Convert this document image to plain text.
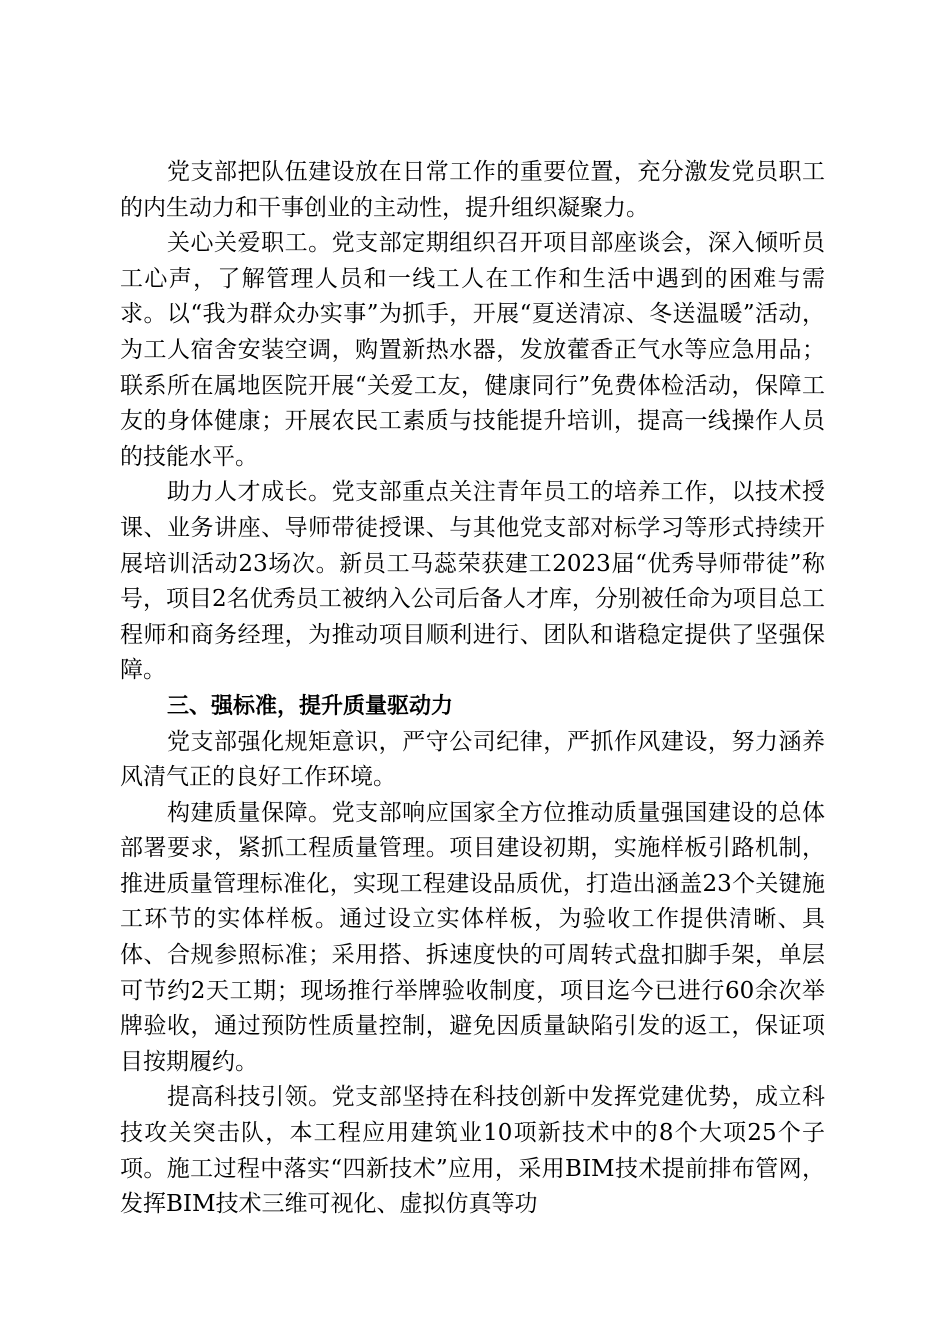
党支部把队伍建设放在日常工作的重要位置，充分激发党员职工的内生动力和干事创业的主动性，提升组织凝聚力。

关心关爱职工。党支部定期组织召开项目部座谈会，深入倾听员工心声，了解管理人员和一线工人在工作和生活中遇到的困难与需求。以“我为群众办实事”为抓手，开展“夏送清凉、冬送温暖”活动，为工人宿舍安装空调，购置新热水器，发放藿香正气水等应急用品；联系所在属地医院开展“关爱工友，健康同行”免费体检活动，保障工友的身体健康；开展农民工素质与技能提升培训，提高一线操作人员的技能水平。

助力人才成长。党支部重点关注青年员工的培养工作，以技术授课、业务讲座、导师带徒授课、与其他党支部对标学习等形式持续开展培训活动23场次。新员工马蕊荣获建工2023届“优秀导师带徒”称号，项目2名优秀员工被纳入公司后备人才库，分别被任命为项目总工程师和商务经理，为推动项目顺利进行、团队和谐稳定提供了坚强保障。

三、强标准，提升质量驱动力

党支部强化规矩意识，严守公司纪律，严抓作风建设，努力涵养风清气正的良好工作环境。

构建质量保障。党支部响应国家全方位推动质量强国建设的总体部署要求，紧抓工程质量管理。项目建设初期，实施样板引路机制，推进质量管理标准化，实现工程建设品质优，打造出涵盖23个关键施工环节的实体样板。通过设立实体样板，为验收工作提供清晰、具体、合规参照标准；采用搭、拆速度快的可周转式盘扣脚手架，单层可节约2天工期；现场推行举牌验收制度，项目迄今已进行60余次举牌验收，通过预防性质量控制，避免因质量缺陷引发的返工，保证项目按期履约。

提高科技引领。党支部坚持在科技创新中发挥党建优势，成立科技攻关突击队，本工程应用建筑业10项新技术中的8个大项25个子项。施工过程中落实“四新技术”应用，采用BIM技术提前排布管网，发挥BIM技术三维可视化、虚拟仿真等功
